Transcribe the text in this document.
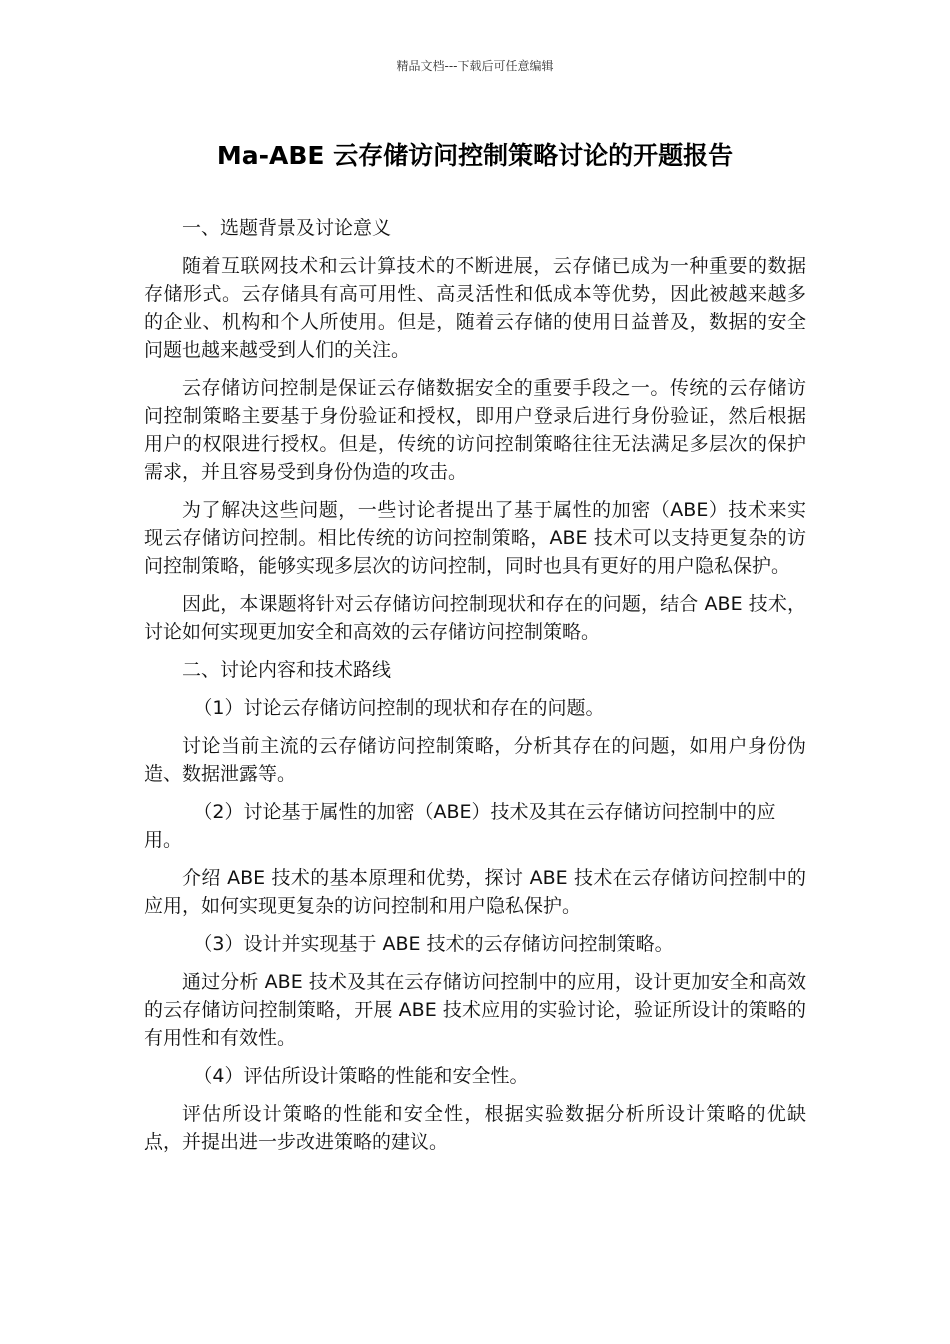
精品文档---下载后可任意编辑
Ma-ABE 云存储访问控制策略讨论的开题报告

一、选题背景及讨论意义

随着互联网技术和云计算技术的不断进展，云存储已成为一种重要的数据存储形式。云存储具有高可用性、高灵活性和低成本等优势，因此被越来越多的企业、机构和个人所使用。但是，随着云存储的使用日益普及，数据的安全问题也越来越受到人们的关注。

云存储访问控制是保证云存储数据安全的重要手段之一。传统的云存储访问控制策略主要基于身份验证和授权，即用户登录后进行身份验证，然后根据用户的权限进行授权。但是，传统的访问控制策略往往无法满足多层次的保护需求，并且容易受到身份伪造的攻击。

为了解决这些问题，一些讨论者提出了基于属性的加密（ABE）技术来实现云存储访问控制。相比传统的访问控制策略，ABE 技术可以支持更复杂的访问控制策略，能够实现多层次的访问控制，同时也具有更好的用户隐私保护。

因此，本课题将针对云存储访问控制现状和存在的问题，结合 ABE 技术，讨论如何实现更加安全和高效的云存储访问控制策略。

二、讨论内容和技术路线

（1）讨论云存储访问控制的现状和存在的问题。

讨论当前主流的云存储访问控制策略，分析其存在的问题，如用户身份伪造、数据泄露等。

（2）讨论基于属性的加密（ABE）技术及其在云存储访问控制中的应用。

介绍 ABE 技术的基本原理和优势，探讨 ABE 技术在云存储访问控制中的应用，如何实现更复杂的访问控制和用户隐私保护。

（3）设计并实现基于 ABE 技术的云存储访问控制策略。

通过分析 ABE 技术及其在云存储访问控制中的应用，设计更加安全和高效的云存储访问控制策略，开展 ABE 技术应用的实验讨论，验证所设计的策略的有用性和有效性。

（4）评估所设计策略的性能和安全性。

评估所设计策略的性能和安全性，根据实验数据分析所设计策略的优缺点，并提出进一步改进策略的建议。
